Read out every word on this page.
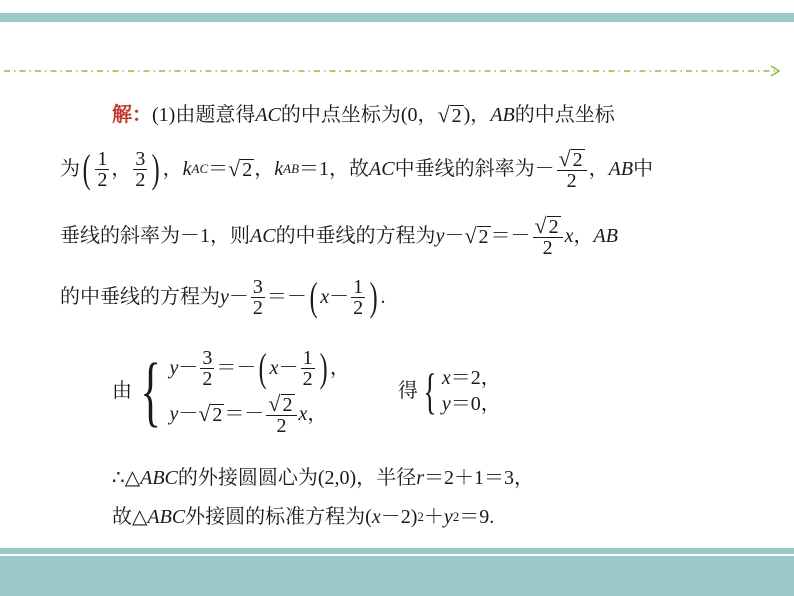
解： (1)由题意得 AC 的中点坐标为(0， √ 2 )， AB 的中点坐标
为 ( $\frac{1}{2}$ ， $\frac{3}{2}$ ) ， k AC ＝ √ 2 ， k AB ＝1，故 AC 中垂线的斜率为－ $\frac{√ 2}{2}$ ， AB 中
垂线的斜率为－1，则 AC 的中垂线的方程为 y － √ $2 =- \frac{√ 2}{2}$ x ， AB
的中垂线的方程为 $y - \frac{3}{2}$ ＝－ ( $x - \frac{1}{2}$ ) .
由 { $y - \frac{3}{2}$ ＝－ ( $x - \frac{1}{2}$ ) ，
y － √ $2 =- \frac{√ 2}{2}$ x ，
得 { x＝2，
y＝0，
∴△ ABC 的外接圆圆心为(2,0)，半径 r ＝2＋1＝3，
故△ ABC 外接圆的标准方程为( x －2) 2 ＋ y 2 ＝9.
